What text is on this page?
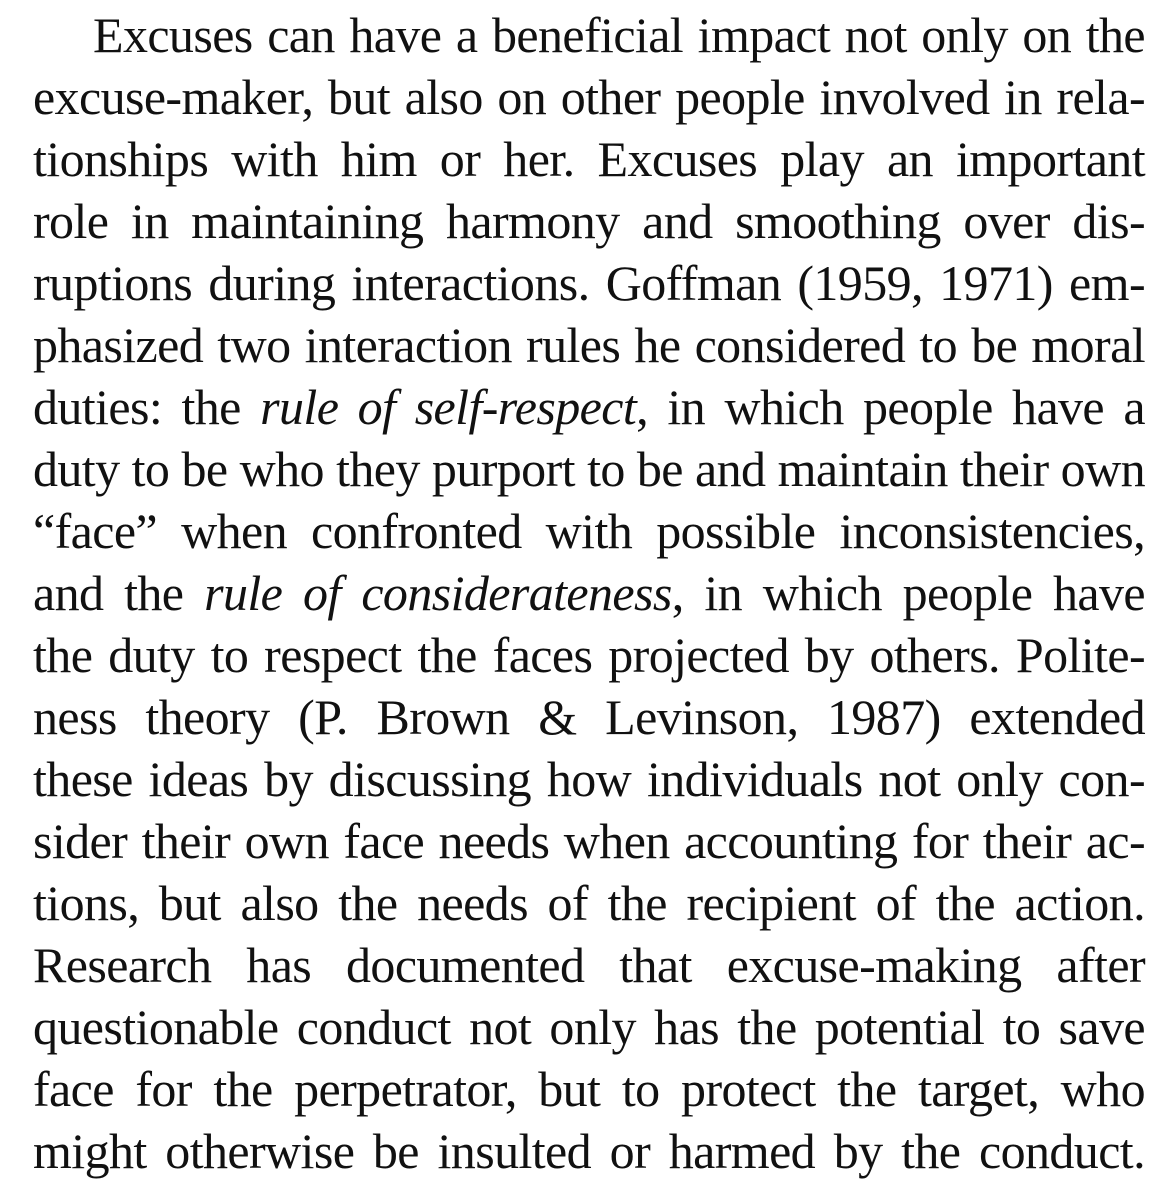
Excuses can have a beneficial impact not only on the
excuse-maker, but also on other people involved in rela-
tionships with him or her. Excuses play an important
role in maintaining harmony and smoothing over dis-
ruptions during interactions. Goffman (1959, 1971) em-
phasized two interaction rules he considered to be moral
duties: the rule of self-respect, in which people have a
duty to be who they purport to be and maintain their own
“face” when confronted with possible inconsistencies,
and the rule of considerateness, in which people have
the duty to respect the faces projected by others. Polite-
ness theory (P. Brown & Levinson, 1987) extended
these ideas by discussing how individuals not only con-
sider their own face needs when accounting for their ac-
tions, but also the needs of the recipient of the action.
Research has documented that excuse-making after
questionable conduct not only has the potential to save
face for the perpetrator, but to protect the target, who
might otherwise be insulted or harmed by the conduct.
